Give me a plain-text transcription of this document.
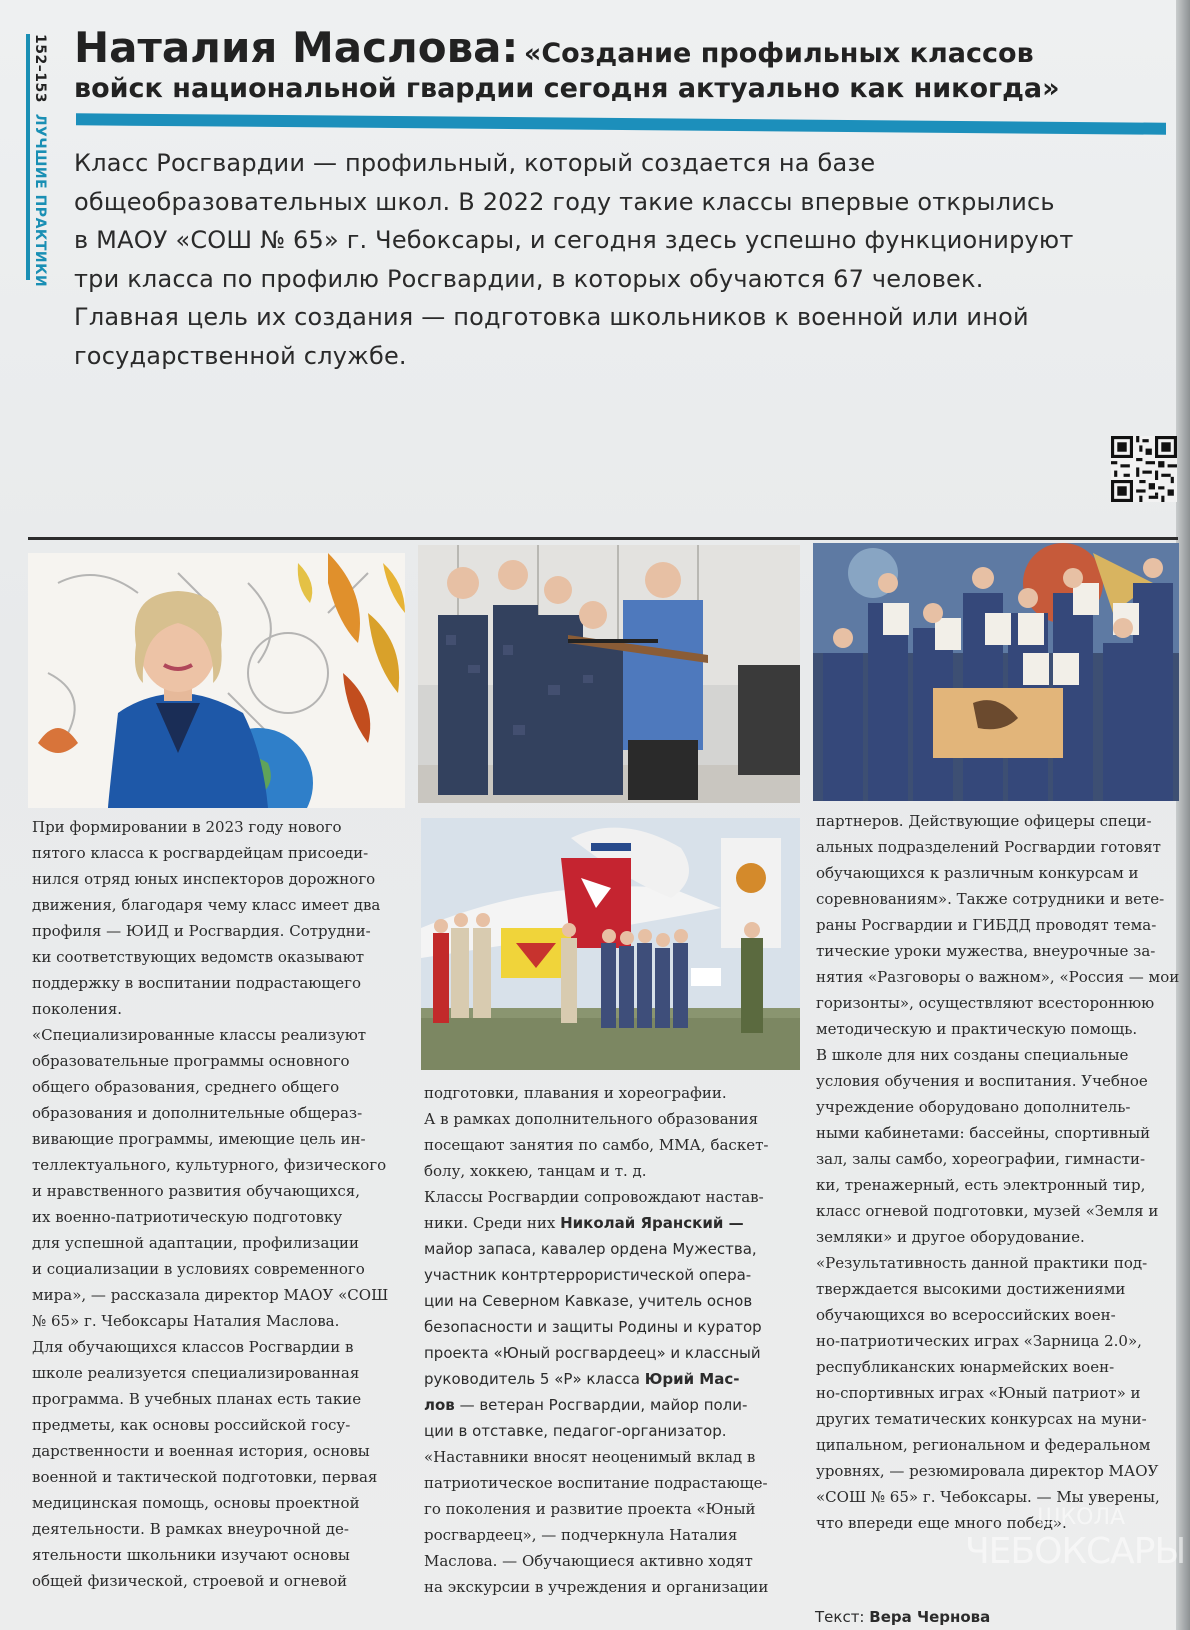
152–153 ЛУЧШИЕ ПРАКТИКИ
Наталия Маслова: «Создание профильных классов
войск национальной гвардии сегодня актуально как никогда»
Класс Росгвардии — профильный, который создается на базе
общеобразовательных школ. В 2022 году такие классы впервые открылись
в МАОУ «СОШ № 65» г. Чебоксары, и сегодня здесь успешно функционируют
три класса по профилю Росгвардии, в которых обучаются 67 человек.
Главная цель их создания — подготовка школьников к военной или иной
государственной службе.

При формировании в 2023 году нового

пятого класса к росгвардейцам присоеди-

нился отряд юных инспекторов дорожного

движения, благодаря чему класс имеет два

профиля — ЮИД и Росгвардия. Сотрудни-

ки соответствующих ведомств оказывают

поддержку в воспитании подрастающего

поколения.

«Специализированные классы реализуют

образовательные программы основного

общего образования, среднего общего

образования и дополнительные общераз-

вивающие программы, имеющие цель ин-

теллектуального, культурного, физического

и нравственного развития обучающихся,

их военно-патриотическую подготовку

для успешной адаптации, профилизации

и социализации в условиях современного

мира», — рассказала директор МАОУ «СОШ

№ 65» г. Чебоксары Наталия Маслова.

Для обучающихся классов Росгвардии в

школе реализуется специализированная

программа. В учебных планах есть такие

предметы, как основы российской госу-

дарственности и военная история, основы

военной и тактической подготовки, первая

медицинская помощь, основы проектной

деятельности. В рамках внеурочной де-

ятельности школьники изучают основы

общей физической, строевой и огневой

подготовки, плавания и хореографии.

А в рамках дополнительного образования

посещают занятия по самбо, ММА, баскет-

болу, хоккею, танцам и т. д.

Классы Росгвардии сопровождают настав-

ники. Среди них Николай Яранский —

майор запаса, кавалер ордена Мужества,

участник контртеррористической опера-

ции на Северном Кавказе, учитель основ

безопасности и защиты Родины и куратор

проекта «Юный росгвардеец» и классный

руководитель 5 «Р» класса Юрий Мас-

лов — ветеран Росгвардии, майор поли-

ции в отставке, педагог-организатор.

«Наставники вносят неоценимый вклад в

патриотическое воспитание подрастающе-

го поколения и развитие проекта «Юный

росгвардеец», — подчеркнула Наталия

Маслова. — Обучающиеся активно ходят

на экскурсии в учреждения и организации

партнеров. Действующие офицеры специ-

альных подразделений Росгвардии готовят

обучающихся к различным конкурсам и

соревнованиям». Также сотрудники и вете-

раны Росгвардии и ГИБДД проводят тема-

тические уроки мужества, внеурочные за-

нятия «Разговоры о важном», «Россия — мои

горизонты», осуществляют всестороннюю

методическую и практическую помощь.

В школе для них созданы специальные

условия обучения и воспитания. Учебное

учреждение оборудовано дополнитель-

ными кабинетами: бассейны, спортивный

зал, залы самбо, хореографии, гимнасти-

ки, тренажерный, есть электронный тир,

класс огневой подготовки, музей «Земля и

земляки» и другое оборудование.

«Результативность данной практики под-

тверждается высокими достижениями

обучающихся во всероссийских воен-

но-патриотических играх «Зарница 2.0»,

республиканских юнармейских воен-

но-спортивных играх «Юный патриот» и

других тематических конкурсах на муни-

ципальном, региональном и федеральном

уровнях, — резюмировала директор МАОУ

«СОШ № 65» г. Чебоксары. — Мы уверены,

что впереди еще много побед».

ШКОЛА
ЧЕБОКСАРЫ
Текст: Вера Чернова
